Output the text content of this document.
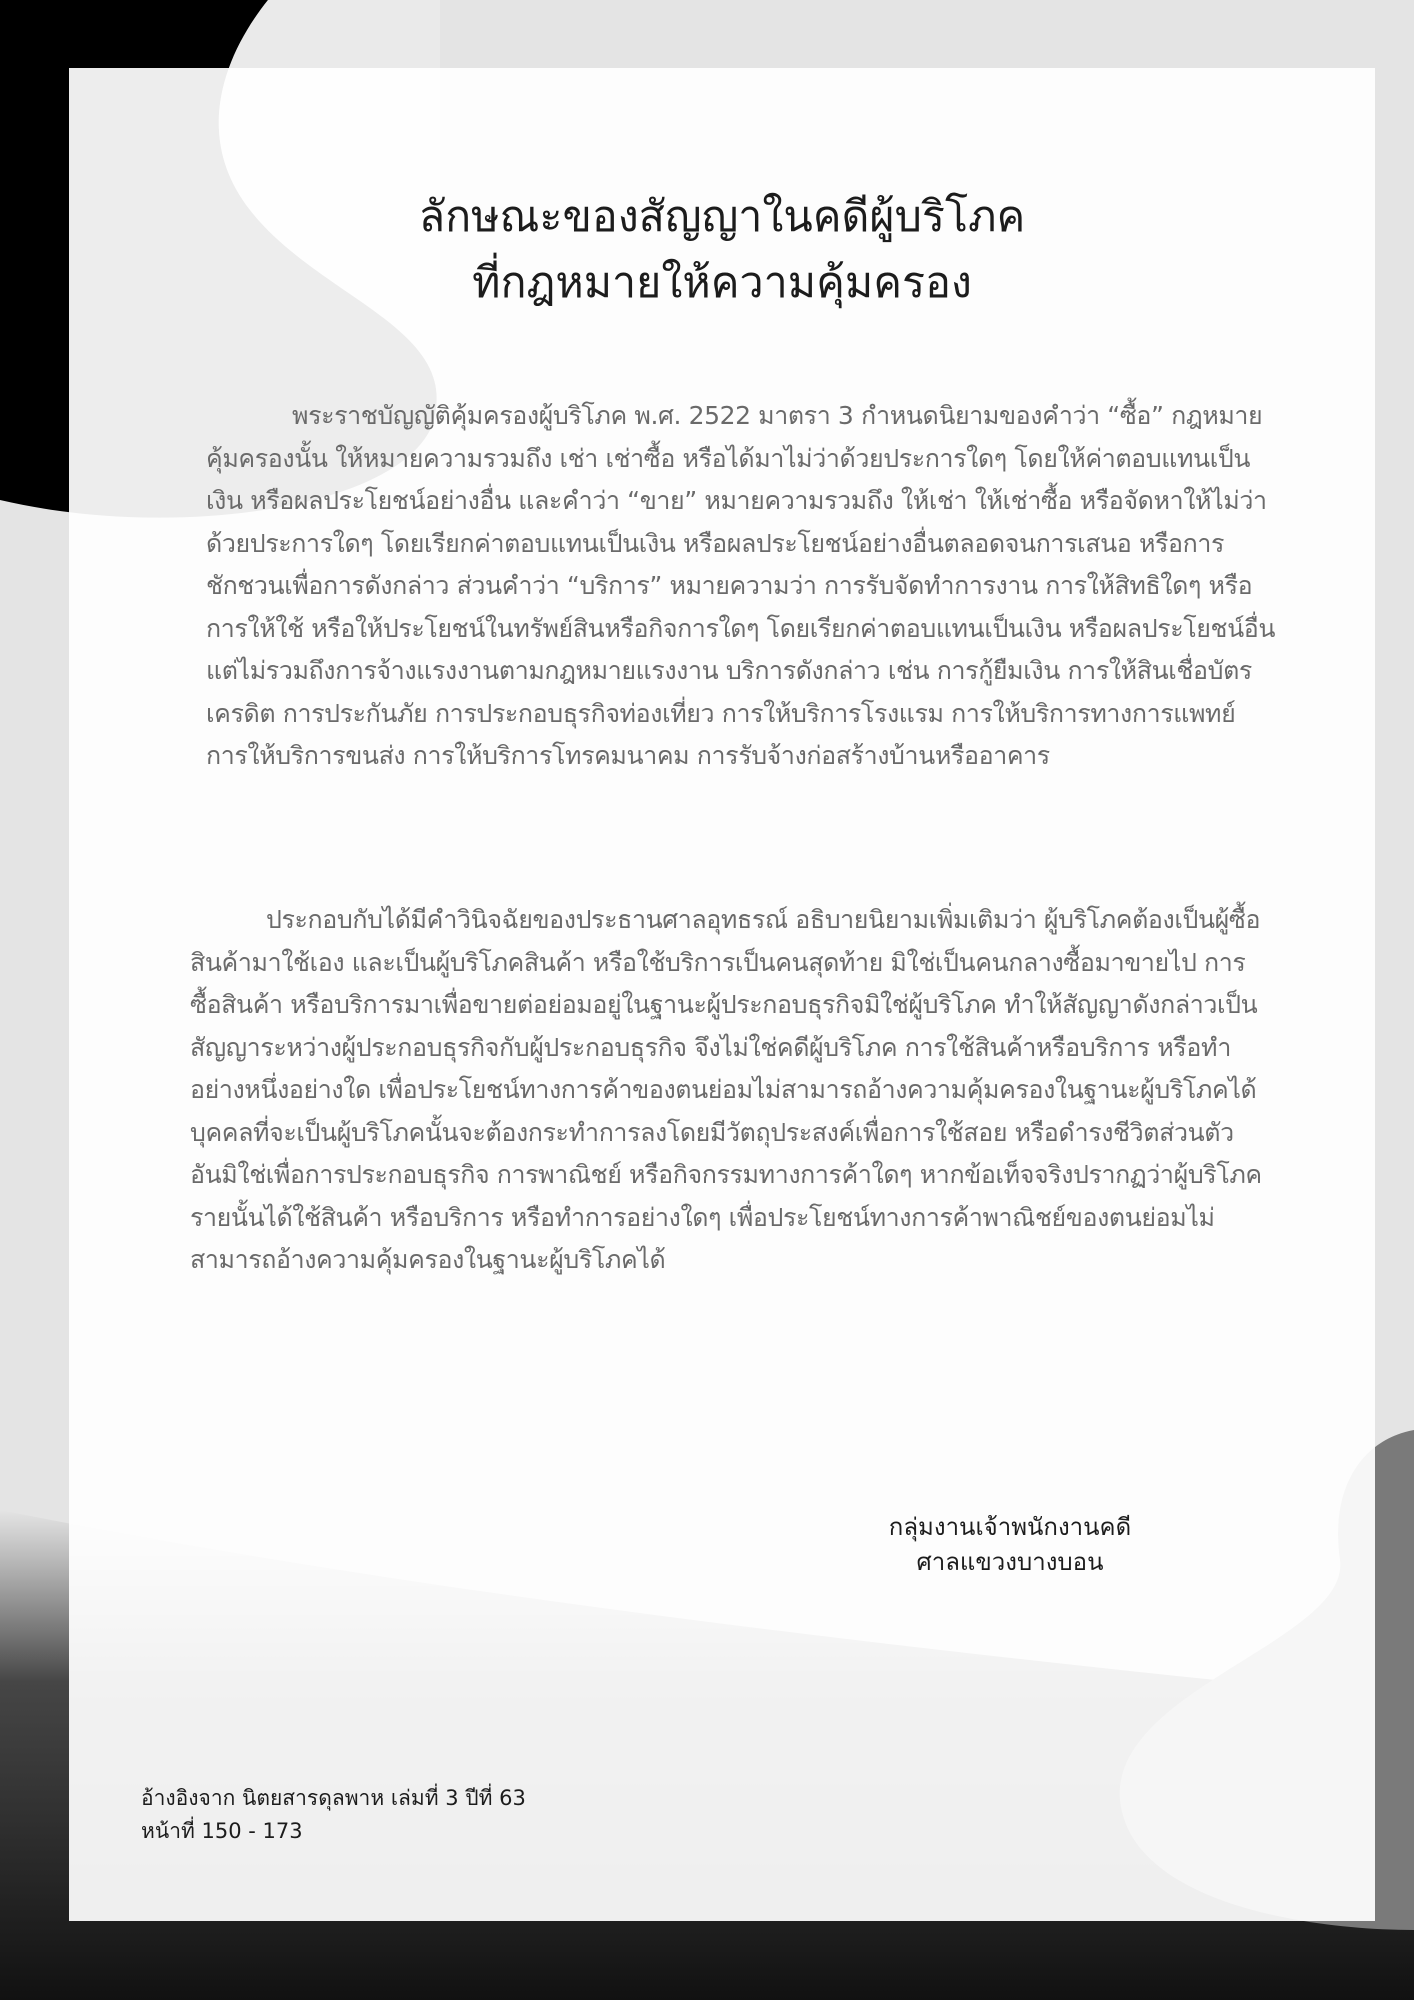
ลักษณะของสัญญาในคดีผู้บริโภค
ที่กฎหมายให้ความคุ้มครอง

พระราชบัญญัติคุ้มครองผู้บริโภค พ.ศ. 2522 มาตรา 3 กำหนดนิยามของคำว่า “ซื้อ” กฎหมายคุ้มครองนั้น ให้หมายความรวมถึง เช่า เช่าซื้อ หรือได้มาไม่ว่าด้วยประการใดๆ โดยให้ค่าตอบแทนเป็นเงิน หรือผลประโยชน์อย่างอื่น และคำว่า “ขาย” หมายความรวมถึง ให้เช่า ให้เช่าซื้อ หรือจัดหาให้ไม่ว่าด้วยประการใดๆ โดยเรียกค่าตอบแทนเป็นเงิน หรือผลประโยชน์อย่างอื่นตลอดจนการเสนอ หรือการชักชวนเพื่อการดังกล่าว ส่วนคำว่า “บริการ” หมายความว่า การรับจัดทำการงาน การให้สิทธิใดๆ หรือการให้ใช้ หรือให้ประโยชน์ในทรัพย์สินหรือกิจการใดๆ โดยเรียกค่าตอบแทนเป็นเงิน หรือผลประโยชน์อื่น แต่ไม่รวมถึงการจ้างแรงงานตามกฎหมายแรงงาน บริการดังกล่าว เช่น การกู้ยืมเงิน การให้สินเชื่อบัตรเครดิต การประกันภัย การประกอบธุรกิจท่องเที่ยว การให้บริการโรงแรม การให้บริการทางการแพทย์ การให้บริการขนส่ง การให้บริการโทรคมนาคม การรับจ้างก่อสร้างบ้านหรืออาคาร

ประกอบกับได้มีคำวินิจฉัยของประธานศาลอุทธรณ์ อธิบายนิยามเพิ่มเติมว่า ผู้บริโภคต้องเป็นผู้ซื้อสินค้ามาใช้เอง และเป็นผู้บริโภคสินค้า หรือใช้บริการเป็นคนสุดท้าย มิใช่เป็นคนกลางซื้อมาขายไป การซื้อสินค้า หรือบริการมาเพื่อขายต่อย่อมอยู่ในฐานะผู้ประกอบธุรกิจมิใช่ผู้บริโภค ทำให้สัญญาดังกล่าวเป็นสัญญาระหว่างผู้ประกอบธุรกิจกับผู้ประกอบธุรกิจ จึงไม่ใช่คดีผู้บริโภค การใช้สินค้าหรือบริการ หรือทำอย่างหนึ่งอย่างใด เพื่อประโยชน์ทางการค้าของตนย่อมไม่สามารถอ้างความคุ้มครองในฐานะผู้บริโภคได้ บุคคลที่จะเป็นผู้บริโภคนั้นจะต้องกระทำการลงโดยมีวัตถุประสงค์เพื่อการใช้สอย หรือดำรงชีวิตส่วนตัว อันมิใช่เพื่อการประกอบธุรกิจ การพาณิชย์ หรือกิจกรรมทางการค้าใดๆ หากข้อเท็จจริงปรากฏว่าผู้บริโภครายนั้นได้ใช้สินค้า หรือบริการ หรือทำการอย่างใดๆ เพื่อประโยชน์ทางการค้าพาณิชย์ของตนย่อมไม่สามารถอ้างความคุ้มครองในฐานะผู้บริโภคได้

กลุ่มงานเจ้าพนักงานคดี
ศาลแขวงบางบอน
อ้างอิงจาก นิตยสารดุลพาห เล่มที่ 3 ปีที่ 63
หน้าที่ 150 - 173
